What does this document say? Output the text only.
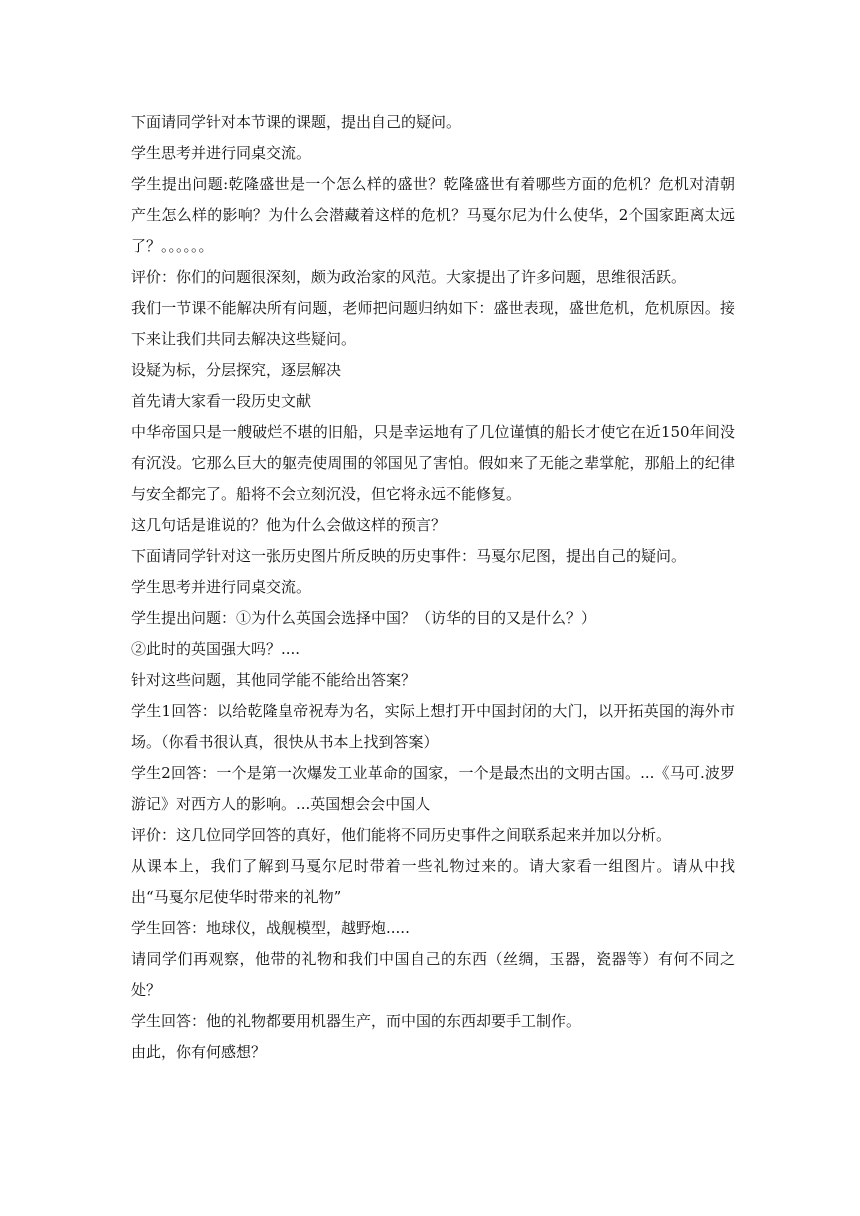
下面请同学针对本节课的课题，提出自己的疑问。

学生思考并进行同桌交流。

学生提出问题:乾隆盛世是一个怎么样的盛世？乾隆盛世有着哪些方面的危机？危机对清朝产生怎么样的影响？为什么会潜藏着这样的危机？马戛尔尼为什么使华，2个国家距离太远了？。。。。。。

评价：你们的问题很深刻，颇为政治家的风范。大家提出了许多问题，思维很活跃。

我们一节课不能解决所有问题，老师把问题归纳如下：盛世表现，盛世危机，危机原因。接下来让我们共同去解决这些疑问。

设疑为标，分层探究，逐层解决

首先请大家看一段历史文献

中华帝国只是一艘破烂不堪的旧船，只是幸运地有了几位谨慎的船长才使它在近150年间没有沉没。它那么巨大的躯壳使周围的邻国见了害怕。假如来了无能之辈掌舵，那船上的纪律与安全都完了。船将不会立刻沉没，但它将永远不能修复。

这几句话是谁说的？他为什么会做这样的预言？

下面请同学针对这一张历史图片所反映的历史事件：马戛尔尼图，提出自己的疑问。

学生思考并进行同桌交流。

学生提出问题：①为什么英国会选择中国？（访华的目的又是什么？）

②此时的英国强大吗？....

针对这些问题，其他同学能不能给出答案？

学生1回答：以给乾隆皇帝祝寿为名，实际上想打开中国封闭的大门，以开拓英国的海外市场。（你看书很认真，很快从书本上找到答案）

学生2回答：一个是第一次爆发工业革命的国家，一个是最杰出的文明古国。...《马可.波罗游记》对西方人的影响。...英国想会会中国人

评价：这几位同学回答的真好，他们能将不同历史事件之间联系起来并加以分析。

从课本上，我们了解到马戛尔尼时带着一些礼物过来的。请大家看一组图片。请从中找出“马戛尔尼使华时带来的礼物”

学生回答：地球仪，战舰模型，越野炮.....

请同学们再观察，他带的礼物和我们中国自己的东西（丝绸，玉器，瓷器等）有何不同之处？

学生回答：他的礼物都要用机器生产，而中国的东西却要手工制作。

由此，你有何感想？
